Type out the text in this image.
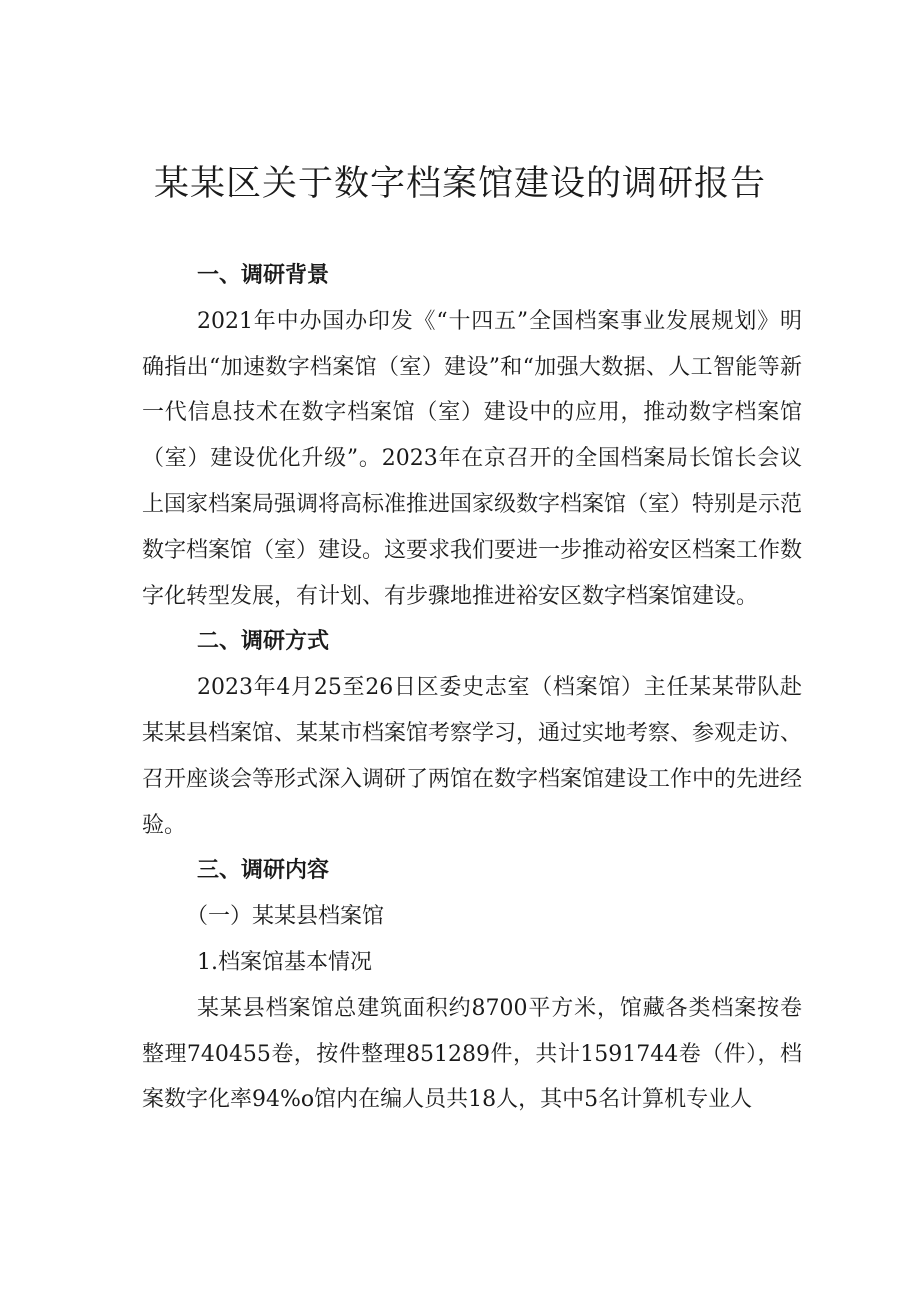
某某区关于数字档案馆建设的调研报告

一、调研背景

2021年中办国办印发《“十四五”全国档案事业发展规划》明确指出“加速数字档案馆（室）建设”和“加强大数据、人工智能等新一代信息技术在数字档案馆（室）建设中的应用，推动数字档案馆（室）建设优化升级”。2023年在京召开的全国档案局长馆长会议上国家档案局强调将高标准推进国家级数字档案馆（室）特别是示范数字档案馆（室）建设。这要求我们要进一步推动裕安区档案工作数字化转型发展，有计划、有步骤地推进裕安区数字档案馆建设。

二、调研方式

2023年4月25至26日区委史志室（档案馆）主任某某带队赴某某县档案馆、某某市档案馆考察学习，通过实地考察、参观走访、召开座谈会等形式深入调研了两馆在数字档案馆建设工作中的先进经验。

三、调研内容

（一）某某县档案馆

1.档案馆基本情况

某某县档案馆总建筑面积约8700平方米，馆藏各类档案按卷整理740455卷，按件整理851289件，共计1591744卷（件），档案数字化率94%o馆内在编人员共18人，其中5名计算机专业人
